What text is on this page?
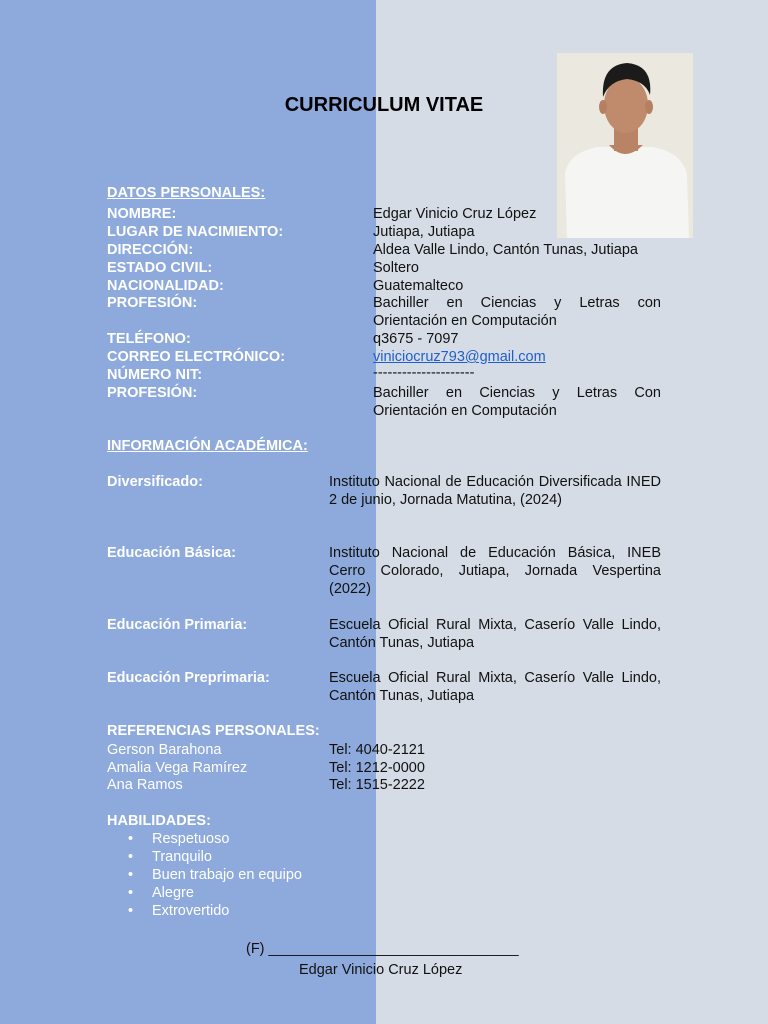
CURRICULUM VITAE
DATOS PERSONALES:
NOMBRE:	Edgar Vinicio Cruz López
LUGAR DE NACIMIENTO:	Jutiapa, Jutiapa
DIRECCIÓN:	Aldea Valle Lindo, Cantón Tunas, Jutiapa
ESTADO CIVIL:	Soltero
NACIONALIDAD:	Guatemalteco
PROFESIÓN:	Bachiller en Ciencias y Letras con Orientación en Computación
TELÉFONO:	q3675 - 7097
CORREO ELECTRÓNICO:	viniciocruz793@gmail.com
NÚMERO NIT:	---------------------
PROFESIÓN:	Bachiller en Ciencias y Letras Con Orientación en Computación
INFORMACIÓN ACADÉMICA:
Diversificado:	Instituto Nacional de Educación Diversificada INED 2 de junio, Jornada Matutina, (2024)
Educación Básica:	Instituto Nacional de Educación Básica, INEB Cerro Colorado, Jutiapa, Jornada Vespertina (2022)
Educación Primaria:	Escuela Oficial Rural Mixta, Caserío Valle Lindo, Cantón Tunas, Jutiapa
Educación Preprimaria:	Escuela Oficial Rural Mixta, Caserío Valle Lindo, Cantón Tunas, Jutiapa
REFERENCIAS PERSONALES:
Gerson Barahona	Tel: 4040-2121
Amalia Vega Ramírez	Tel: 1212-0000
Ana Ramos	Tel: 1515-2222
HABILIDADES:
• Respetuoso
• Tranquilo
• Buen trabajo en equipo
• Alegre
• Extrovertido
(F) _______________________________
Edgar Vinicio Cruz López
